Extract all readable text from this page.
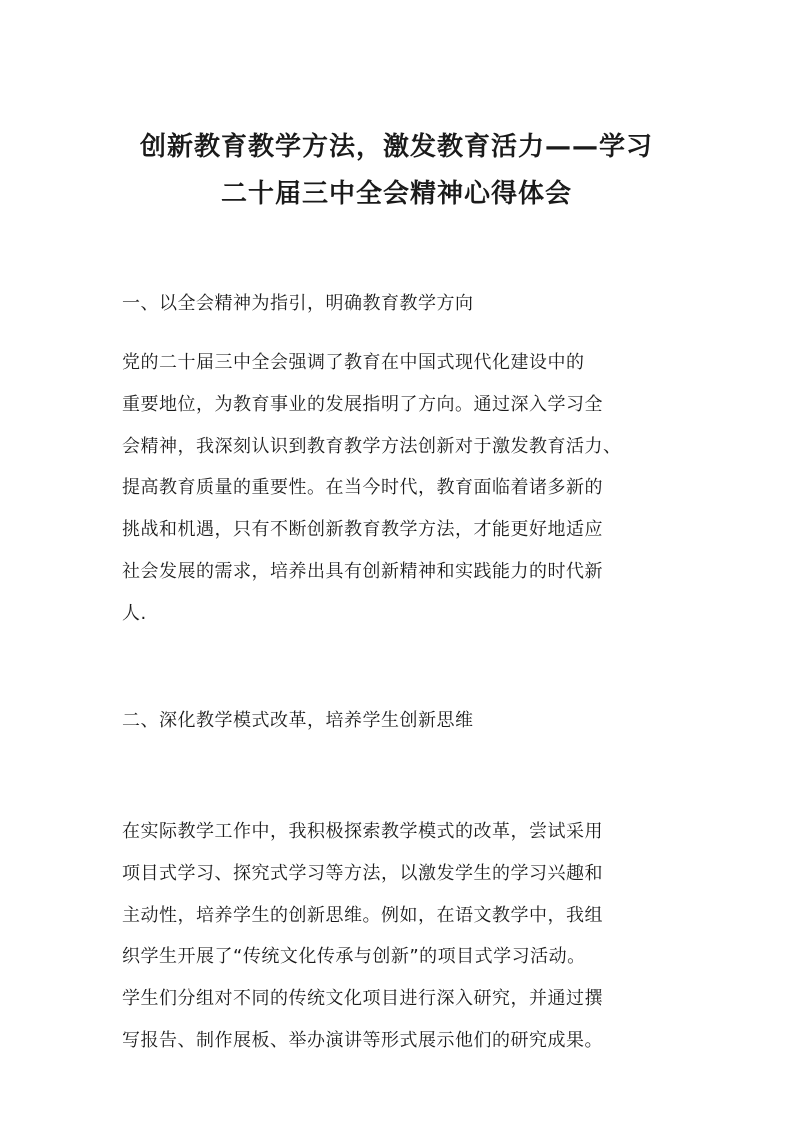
创新教育教学方法，激发教育活力——学习
二十届三中全会精神心得体会
一、以全会精神为指引，明确教育教学方向

党的二十届三中全会强调了教育在中国式现代化建设中的
重要地位，为教育事业的发展指明了方向。通过深入学习全
会精神，我深刻认识到教育教学方法创新对于激发教育活力、
提高教育质量的重要性。在当今时代，教育面临着诸多新的
挑战和机遇，只有不断创新教育教学方法，才能更好地适应
社会发展的需求，培养出具有创新精神和实践能力的时代新
人.

二、深化教学模式改革，培养学生创新思维

在实际教学工作中，我积极探索教学模式的改革，尝试采用
项目式学习、探究式学习等方法，以激发学生的学习兴趣和
主动性，培养学生的创新思维。例如，在语文教学中，我组
织学生开展了“传统文化传承与创新”的项目式学习活动。
学生们分组对不同的传统文化项目进行深入研究，并通过撰
写报告、制作展板、举办演讲等形式展示他们的研究成果。
